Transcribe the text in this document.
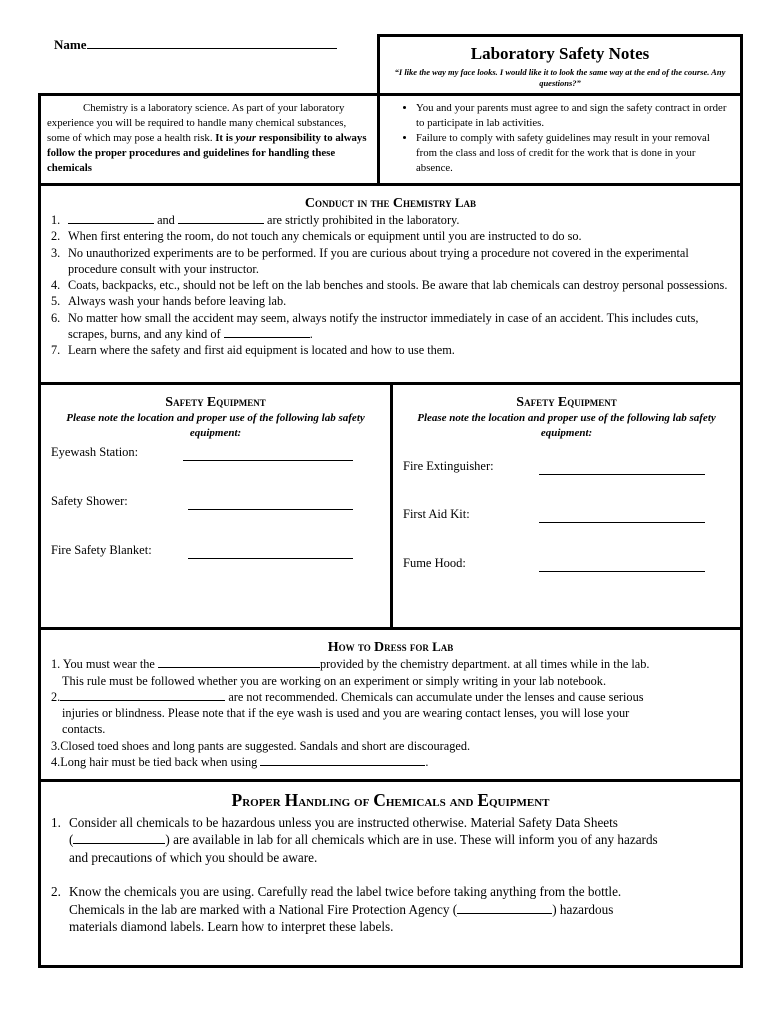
Name	Laboratory Safety Notes
“I like the way my face looks. I would like it to look the same way at the end of the course. Any questions?”
Chemistry is a laboratory science. As part of your laboratory experience you will be required to handle many chemical substances, some of which may pose a health risk. It is your responsibility to always follow the proper procedures and guidelines for handling these chemicals
• You and your parents must agree to and sign the safety contract in order to participate in lab activities.
• Failure to comply with safety guidelines may result in your removal from the class and loss of credit for the work that is done in your absence.
Conduct in the Chemistry Lab
1.	and	are strictly prohibited in the laboratory.
2. When first entering the room, do not touch any chemicals or equipment until you are instructed to do so.
3. No unauthorized experiments are to be performed. If you are curious about trying a procedure not covered in the experimental procedure consult with your instructor.
4. Coats, backpacks, etc., should not be left on the lab benches and stools. Be aware that lab chemicals can destroy personal possessions.
5. Always wash your hands before leaving lab.
6. No matter how small the accident may seem, always notify the instructor immediately in case of an accident. This includes cuts, scrapes, burns, and any kind of	.
7. Learn where the safety and first aid equipment is located and how to use them.
Safety Equipment
Please note the location and proper use of the following lab safety equipment:
Eyewash Station:
Safety Shower:
Fire Safety Blanket:
Safety Equipment
Please note the location and proper use of the following lab safety equipment:
Fire Extinguisher:
First Aid Kit:
Fume Hood:
How to Dress for Lab
1. You must wear the	provided by the chemistry department. at all times while in the lab.
This rule must be followed whether you are working on an experiment or simply writing in your lab notebook.
2.	are not recommended. Chemicals can accumulate under the lenses and cause serious
injuries or blindness. Please note that if the eye wash is used and you are wearing contact lenses, you will lose your
contacts.
3.Closed toed shoes and long pants are suggested. Sandals and short are discouraged.
4.Long hair must be tied back when using	.
Proper Handling of Chemicals and Equipment
1. Consider all chemicals to be hazardous unless you are instructed otherwise. Material Safety Data Sheets
(	) are available in lab for all chemicals which are in use. These will inform you of any hazards
and precautions of which you should be aware.
2. Know the chemicals you are using. Carefully read the label twice before taking anything from the bottle.
Chemicals in the lab are marked with a National Fire Protection Agency (	) hazardous
materials diamond labels. Learn how to interpret these labels.
